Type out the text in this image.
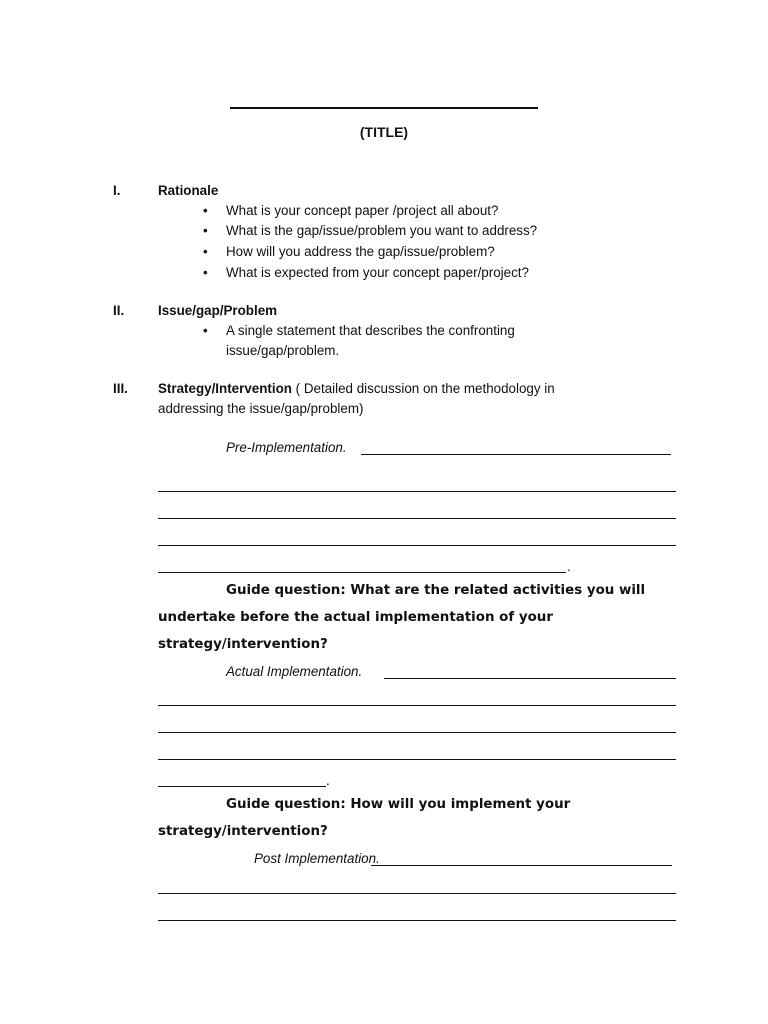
(TITLE)
I.	Rationale
• What is your concept paper /project all about?
• What is the gap/issue/problem you want to address?
• How will you address the gap/issue/problem?
• What is expected from your concept paper/project?
II.	Issue/gap/Problem
• A single statement that describes the confronting
issue/gap/problem.
III. Strategy/Intervention ( Detailed discussion on the methodology in
addressing the issue/gap/problem)
Pre-Implementation.
.
Guide question: What are the related activities you will
undertake before the actual implementation of your
strategy/intervention?
Actual Implementation.
.
Guide question: How will you implement your
strategy/intervention?
Post Implementation.
